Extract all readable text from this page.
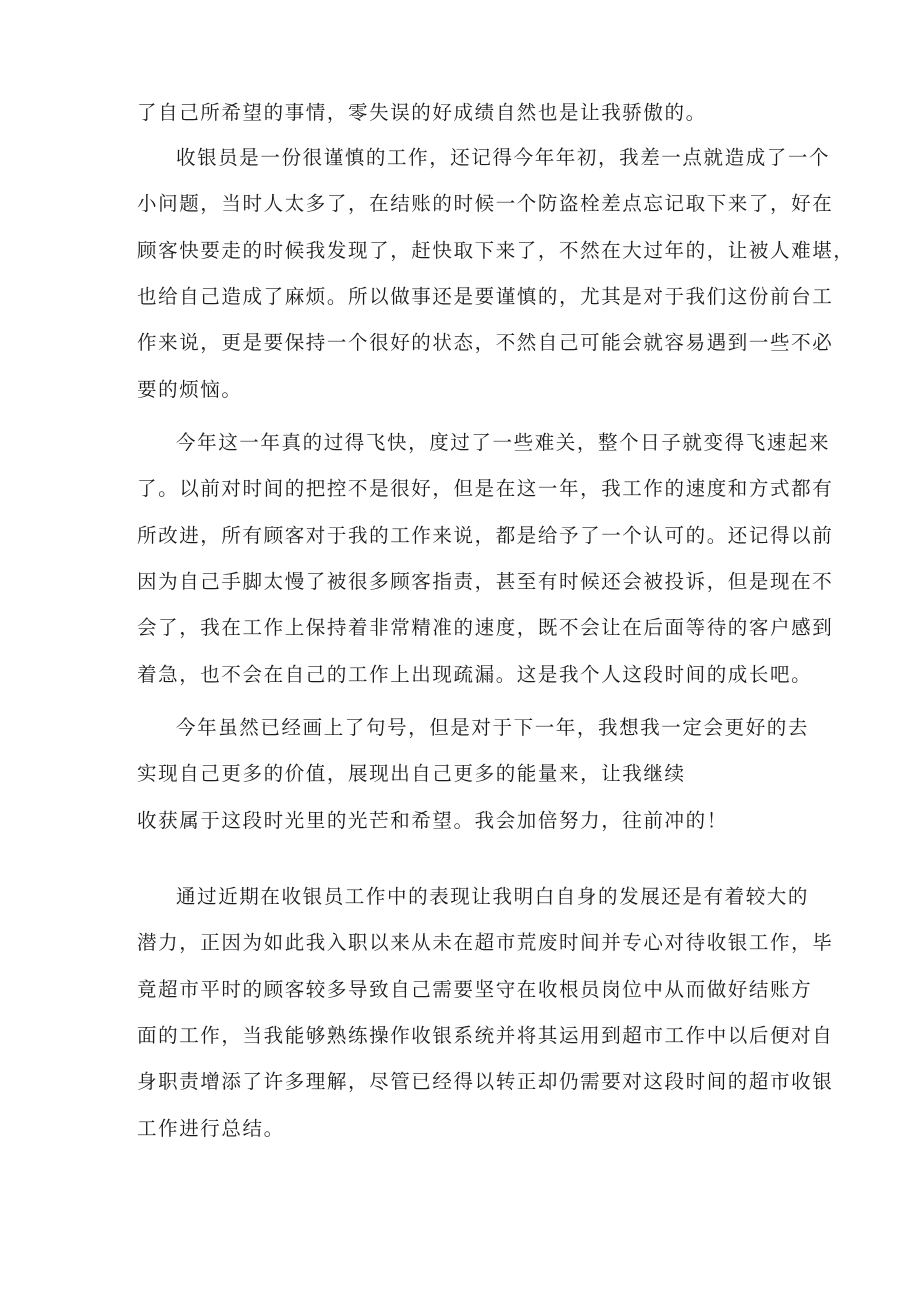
了自己所希望的事情，零失误的好成绩自然也是让我骄傲的。
收银员是一份很谨慎的工作，还记得今年年初，我差一点就造成了一个
小问题，当时人太多了，在结账的时候一个防盗栓差点忘记取下来了，好在
顾客快要走的时候我发现了，赶快取下来了，不然在大过年的，让被人难堪，
也给自己造成了麻烦。所以做事还是要谨慎的，尤其是对于我们这份前台工
作来说，更是要保持一个很好的状态，不然自己可能会就容易遇到一些不必
要的烦恼。
今年这一年真的过得飞快，度过了一些难关，整个日子就变得飞速起来
了。以前对时间的把控不是很好，但是在这一年，我工作的速度和方式都有
所改进，所有顾客对于我的工作来说，都是给予了一个认可的。还记得以前
因为自己手脚太慢了被很多顾客指责，甚至有时候还会被投诉，但是现在不
会了，我在工作上保持着非常精准的速度，既不会让在后面等待的客户感到
着急，也不会在自己的工作上出现疏漏。这是我个人这段时间的成长吧。
今年虽然已经画上了句号，但是对于下一年，我想我一定会更好的去
实现自己更多的价值，展现出自己更多的能量来，让我继续
收获属于这段时光里的光芒和希望。我会加倍努力，往前冲的！
通过近期在收银员工作中的表现让我明白自身的发展还是有着较大的
潜力，正因为如此我入职以来从未在超市荒废时间并专心对待收银工作，毕
竟超市平时的顾客较多导致自己需要坚守在收根员岗位中从而做好结账方
面的工作，当我能够熟练操作收银系统并将其运用到超市工作中以后便对自
身职责增添了许多理解，尽管已经得以转正却仍需要对这段时间的超市收银
工作进行总结。
